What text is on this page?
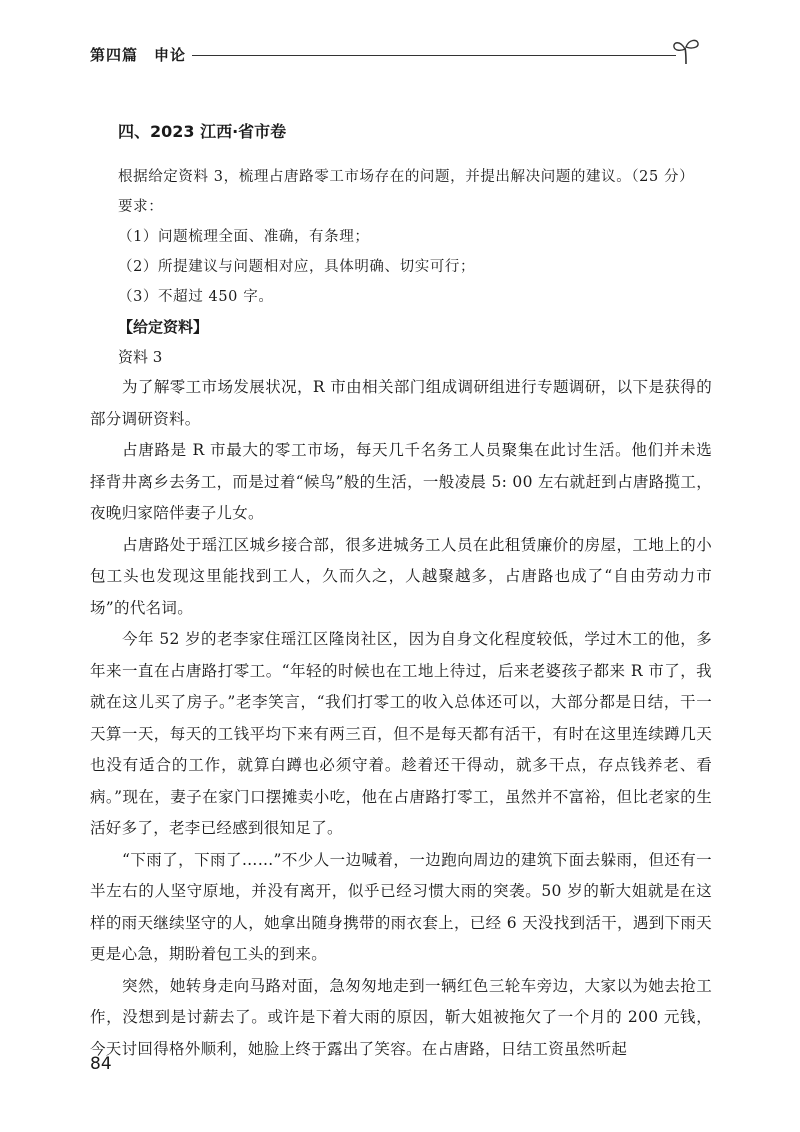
第四篇　申论
四、2023 江西·省市卷

根据给定资料 3，梳理占唐路零工市场存在的问题，并提出解决问题的建议。（25 分）

要求：

（1）问题梳理全面、准确，有条理；

（2）所提建议与问题相对应，具体明确、切实可行；

（3）不超过 450 字。

【给定资料】

资料 3

为了解零工市场发展状况，R 市由相关部门组成调研组进行专题调研，以下是获得的部分调研资料。

占唐路是 R 市最大的零工市场，每天几千名务工人员聚集在此讨生活。他们并未选择背井离乡去务工，而是过着“候鸟”般的生活，一般凌晨 5: 00 左右就赶到占唐路揽工，夜晚归家陪伴妻子儿女。

占唐路处于瑶江区城乡接合部，很多进城务工人员在此租赁廉价的房屋，工地上的小包工头也发现这里能找到工人，久而久之，人越聚越多，占唐路也成了“自由劳动力市场”的代名词。

今年 52 岁的老李家住瑶江区隆岗社区，因为自身文化程度较低，学过木工的他，多年来一直在占唐路打零工。“年轻的时候也在工地上待过，后来老婆孩子都来 R 市了，我就在这儿买了房子。”老李笑言，“我们打零工的收入总体还可以，大部分都是日结，干一天算一天，每天的工钱平均下来有两三百，但不是每天都有活干，有时在这里连续蹲几天也没有适合的工作，就算白蹲也必须守着。趁着还干得动，就多干点，存点钱养老、看病。”现在，妻子在家门口摆摊卖小吃，他在占唐路打零工，虽然并不富裕，但比老家的生活好多了，老李已经感到很知足了。

“下雨了，下雨了……”不少人一边喊着，一边跑向周边的建筑下面去躲雨，但还有一半左右的人坚守原地，并没有离开，似乎已经习惯大雨的突袭。50 岁的靳大姐就是在这样的雨天继续坚守的人，她拿出随身携带的雨衣套上，已经 6 天没找到活干，遇到下雨天更是心急，期盼着包工头的到来。

突然，她转身走向马路对面，急匆匆地走到一辆红色三轮车旁边，大家以为她去抢工作，没想到是讨薪去了。或许是下着大雨的原因，靳大姐被拖欠了一个月的 200 元钱，今天讨回得格外顺利，她脸上终于露出了笑容。在占唐路，日结工资虽然听起

84
